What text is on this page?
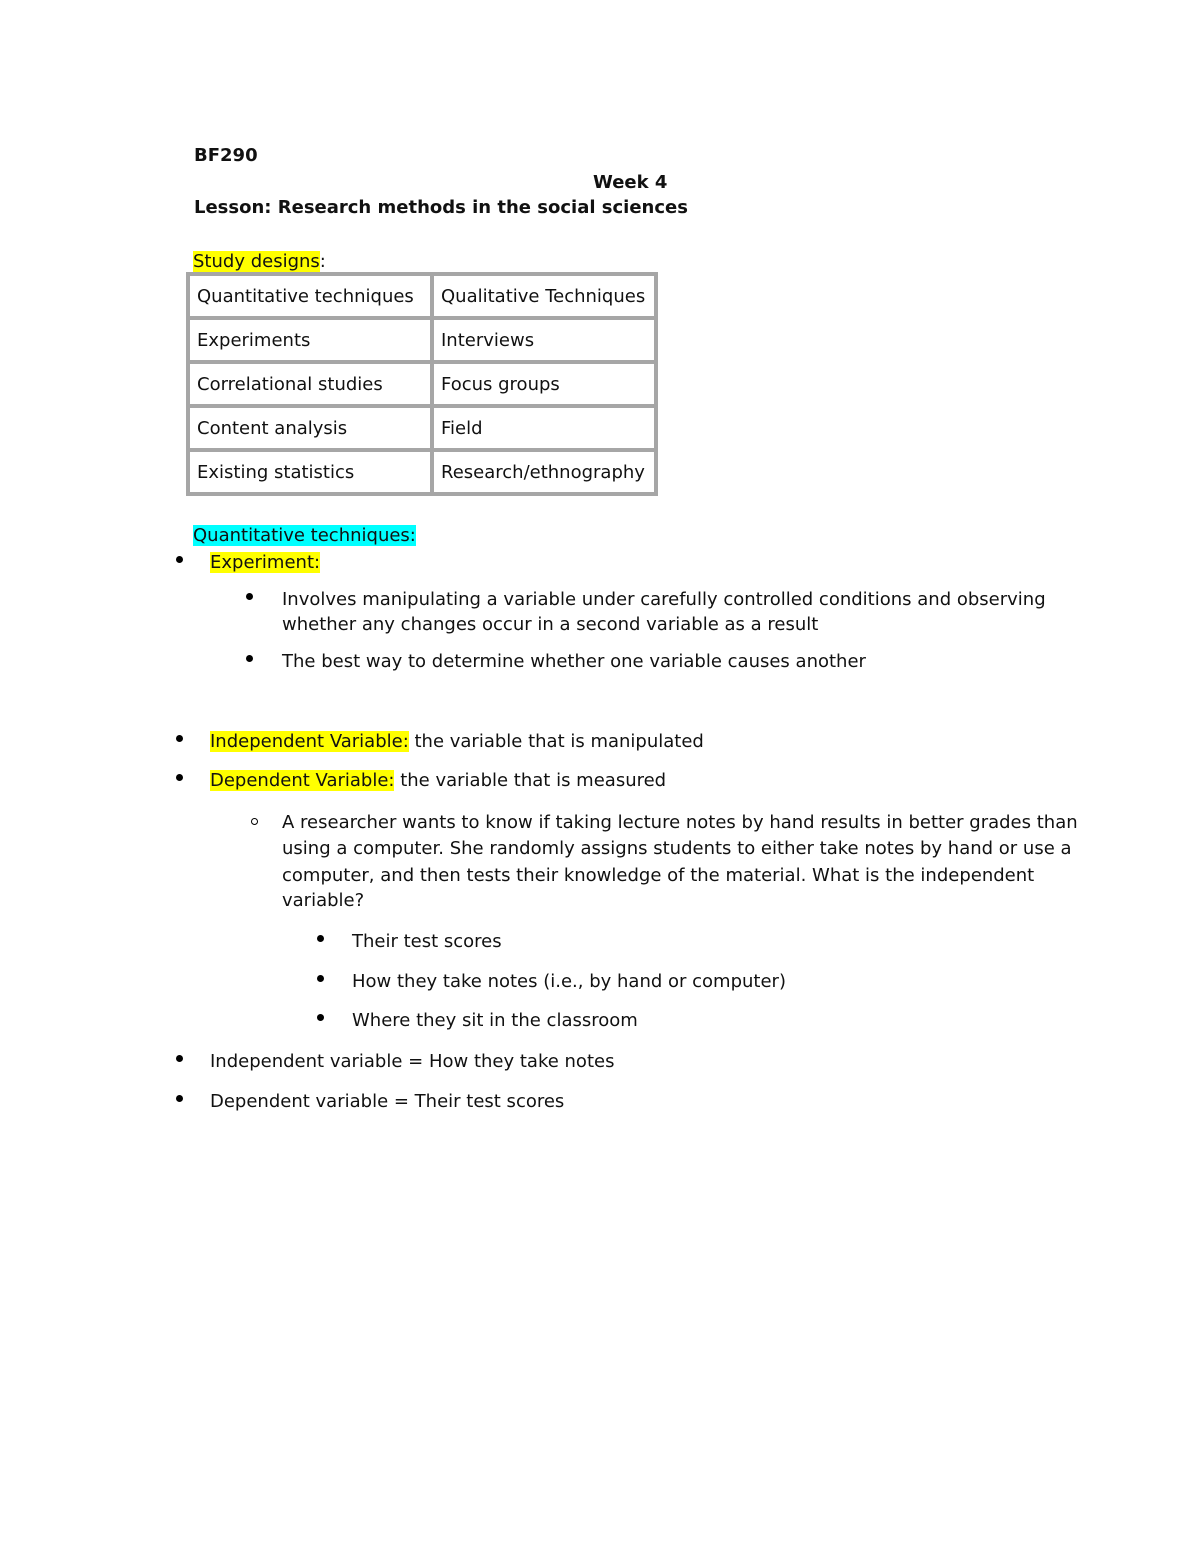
BF290
Week 4
Lesson: Research methods in the social sciences
Study designs:
Quantitative techniques	Qualitative Techniques
Experiments	Interviews
Correlational studies	Focus groups
Content analysis	Field
Existing statistics	Research/ethnography
Quantitative techniques:
Experiment:
Involves manipulating a variable under carefully controlled conditions and observing
whether any changes occur in a second variable as a result
The best way to determine whether one variable causes another
Independent Variable: the variable that is manipulated
Dependent Variable: the variable that is measured
A researcher wants to know if taking lecture notes by hand results in better grades than
using a computer. She randomly assigns students to either take notes by hand or use a
computer, and then tests their knowledge of the material. What is the independent
variable?
Their test scores
How they take notes (i.e., by hand or computer)
Where they sit in the classroom
Independent variable = How they take notes
Dependent variable = Their test scores
